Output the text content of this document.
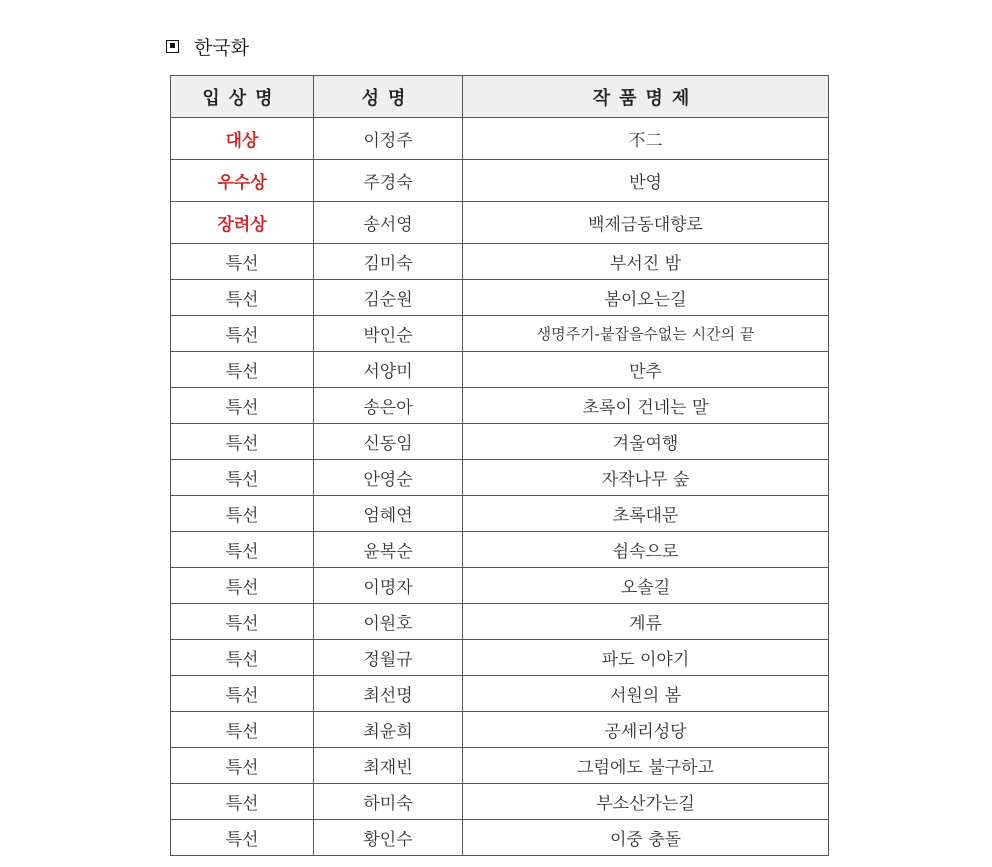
한국화
입상명	성명	작품명제
대상	이정주	不二
우수상	주경숙	반영
장려상	송서영	백제금동대향로
특선	김미숙	부서진 밤
특선	김순원	봄이오는길
특선	박인순	생명주기-붙잡을수없는 시간의 끝
특선	서양미	만추
특선	송은아	초록이 건네는 말
특선	신동임	겨울여행
특선	안영순	자작나무 숲
특선	엄혜연	초록대문
특선	윤복순	쉼속으로
특선	이명자	오솔길
특선	이원호	계류
특선	정월규	파도 이야기
특선	최선명	서원의 봄
특선	최윤희	공세리성당
특선	최재빈	그럼에도 불구하고
특선	하미숙	부소산가는길
특선	황인수	이중 충돌
